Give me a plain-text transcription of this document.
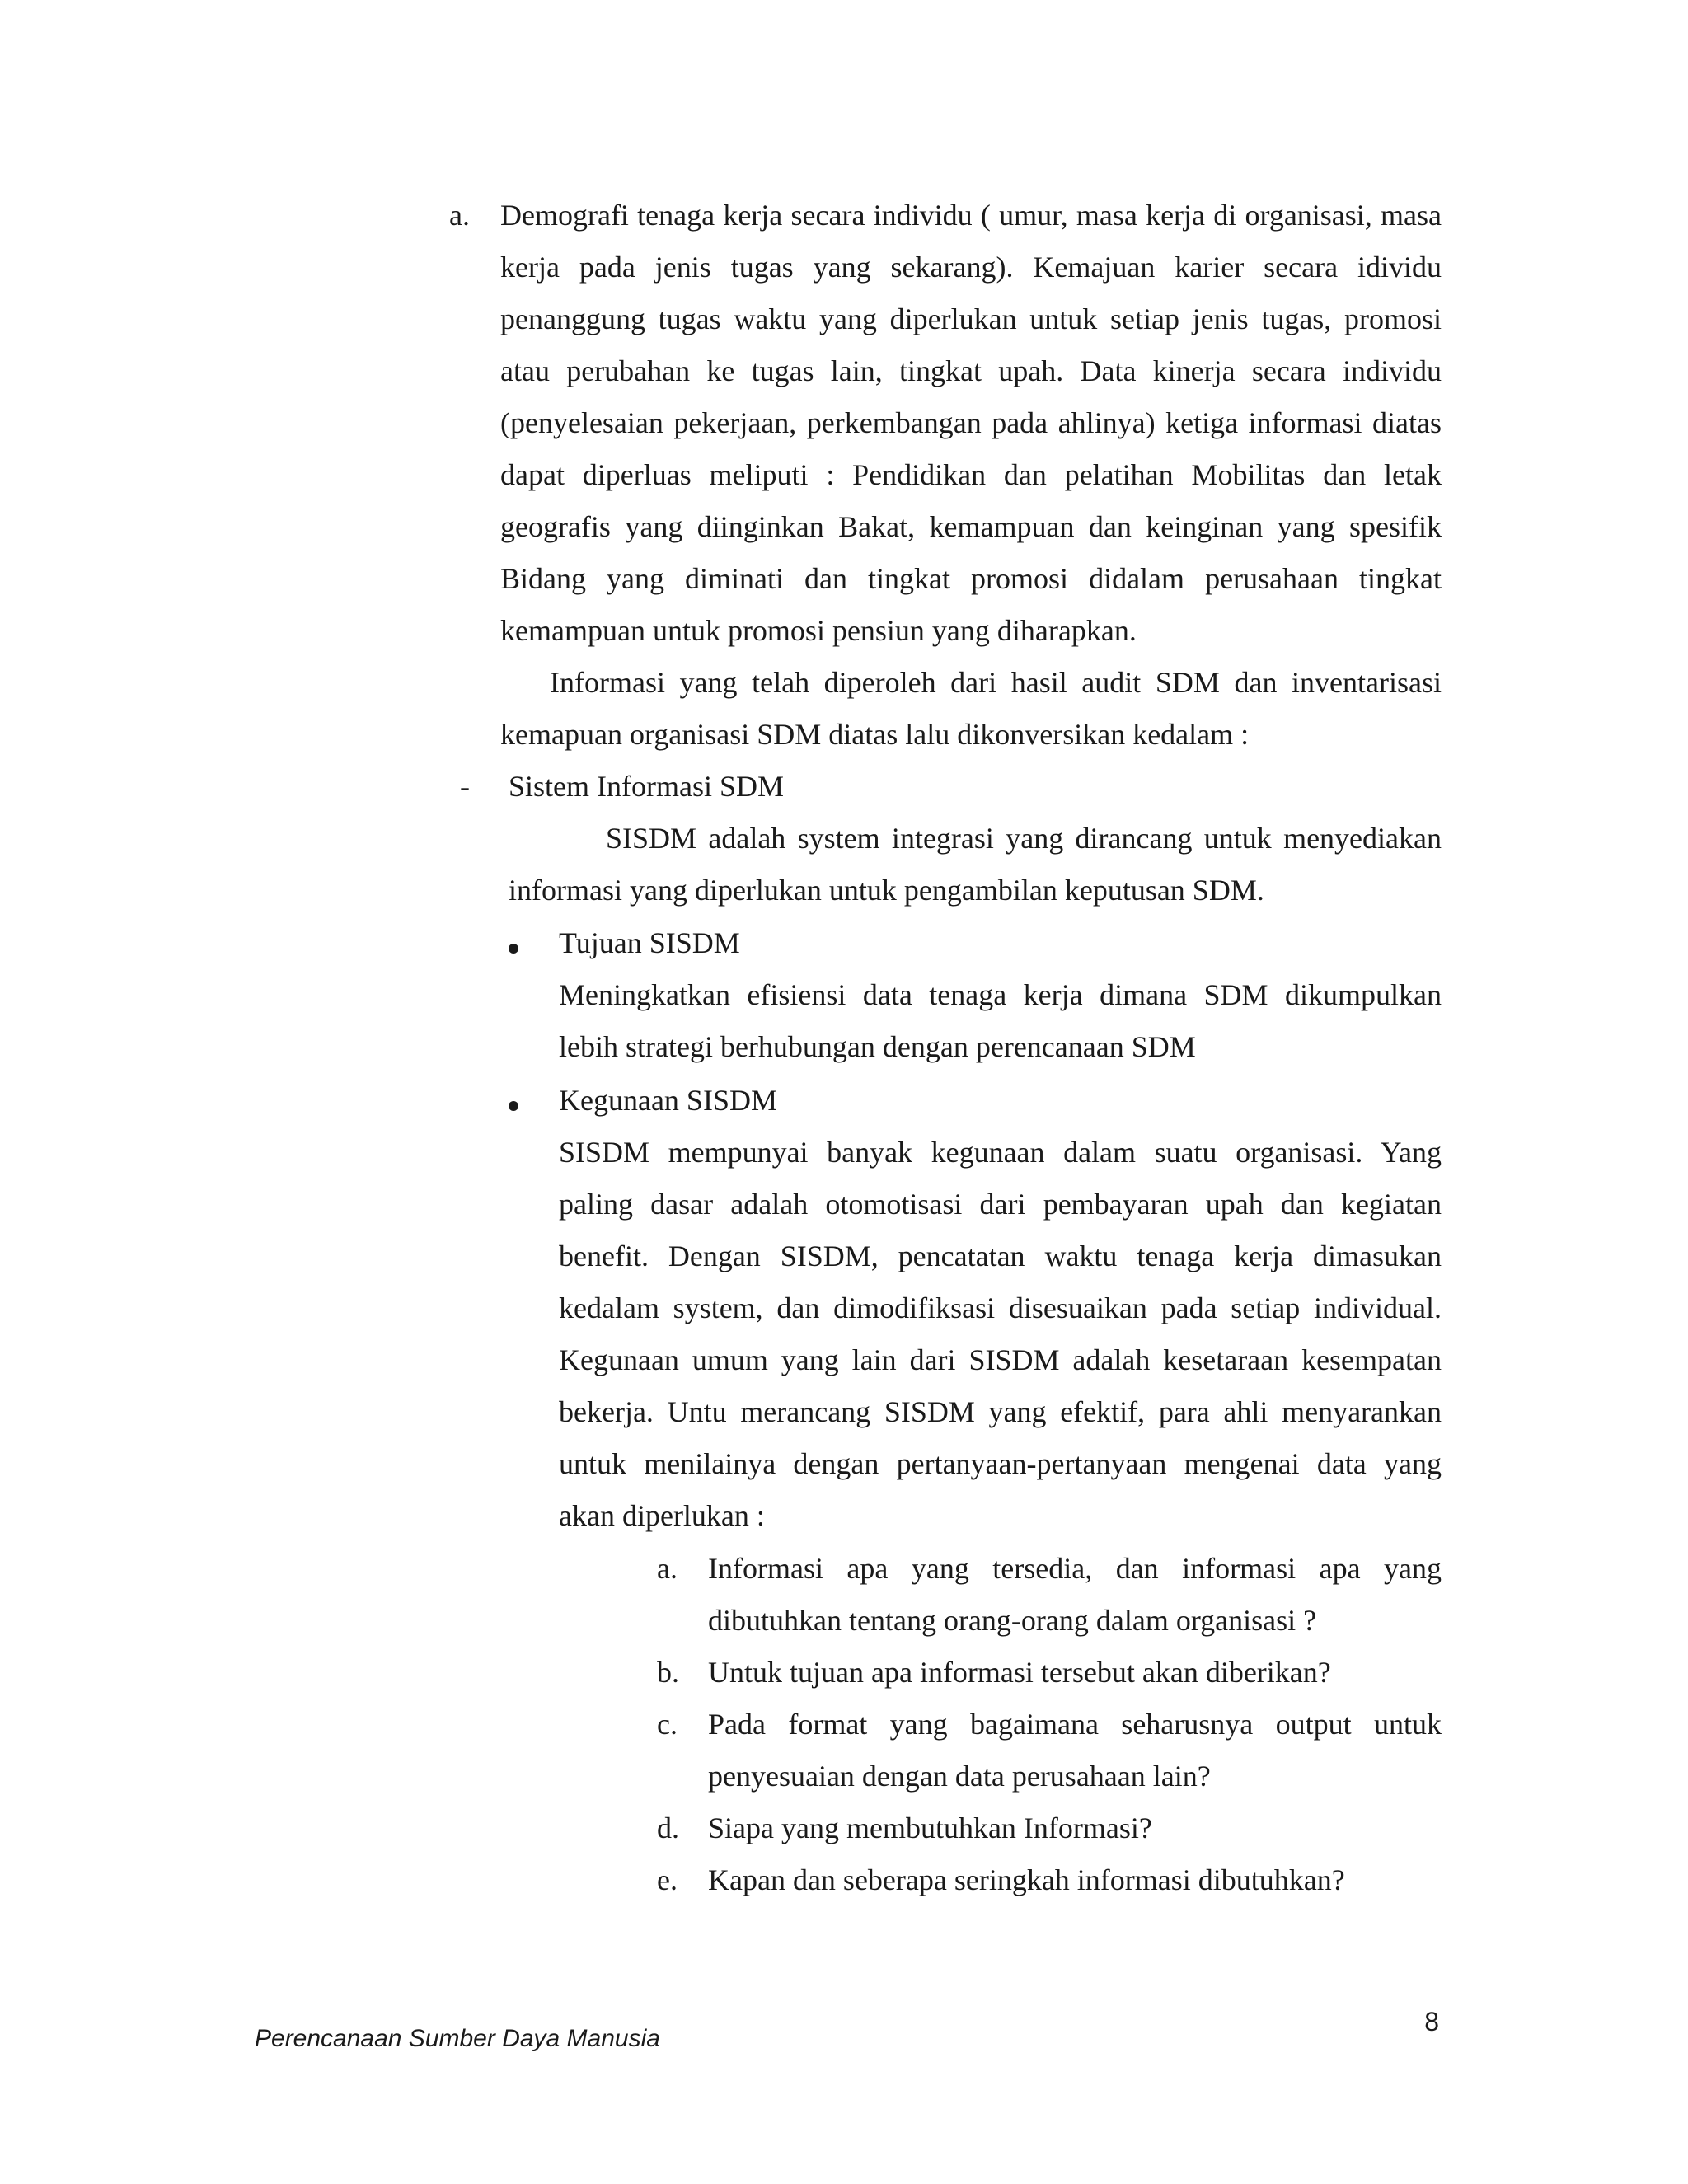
a. Demografi tenaga kerja secara individu ( umur, masa kerja di organisasi, masa kerja pada jenis tugas yang sekarang). Kemajuan karier secara idividu penanggung tugas waktu yang diperlukan untuk setiap jenis tugas, promosi atau perubahan ke tugas lain, tingkat upah. Data kinerja secara individu (penyelesaian pekerjaan, perkembangan pada ahlinya) ketiga informasi diatas dapat diperluas meliputi : Pendidikan dan pelatihan Mobilitas dan letak geografis yang diinginkan Bakat, kemampuan dan keinginan yang spesifik Bidang yang diminati dan tingkat promosi didalam perusahaan tingkat kemampuan untuk promosi pensiun yang diharapkan.
Informasi yang telah diperoleh dari hasil audit SDM dan inventarisasi kemapuan organisasi SDM diatas lalu dikonversikan kedalam :
- Sistem Informasi SDM
SISDM adalah system integrasi yang dirancang untuk menyediakan informasi yang diperlukan untuk pengambilan keputusan SDM.
Tujuan SISDM
Meningkatkan efisiensi data tenaga kerja dimana SDM dikumpulkan lebih strategi berhubungan dengan perencanaan SDM
Kegunaan SISDM
SISDM mempunyai banyak kegunaan dalam suatu organisasi. Yang paling dasar adalah otomotisasi dari pembayaran upah dan kegiatan benefit. Dengan SISDM, pencatatan waktu tenaga kerja dimasukan kedalam system, dan dimodifiksasi disesuaikan pada setiap individual. Kegunaan umum yang lain dari SISDM adalah kesetaraan kesempatan bekerja. Untu merancang SISDM yang efektif, para ahli menyarankan untuk menilainya dengan pertanyaan-pertanyaan mengenai data yang akan diperlukan :
a. Informasi apa yang tersedia, dan informasi apa yang dibutuhkan tentang orang-orang dalam organisasi ?
b. Untuk tujuan apa informasi tersebut akan diberikan?
c. Pada format yang bagaimana seharusnya output untuk penyesuaian dengan data perusahaan lain?
d. Siapa yang membutuhkan Informasi?
e. Kapan dan seberapa seringkah informasi dibutuhkan?
8
Perencanaan Sumber Daya Manusia
